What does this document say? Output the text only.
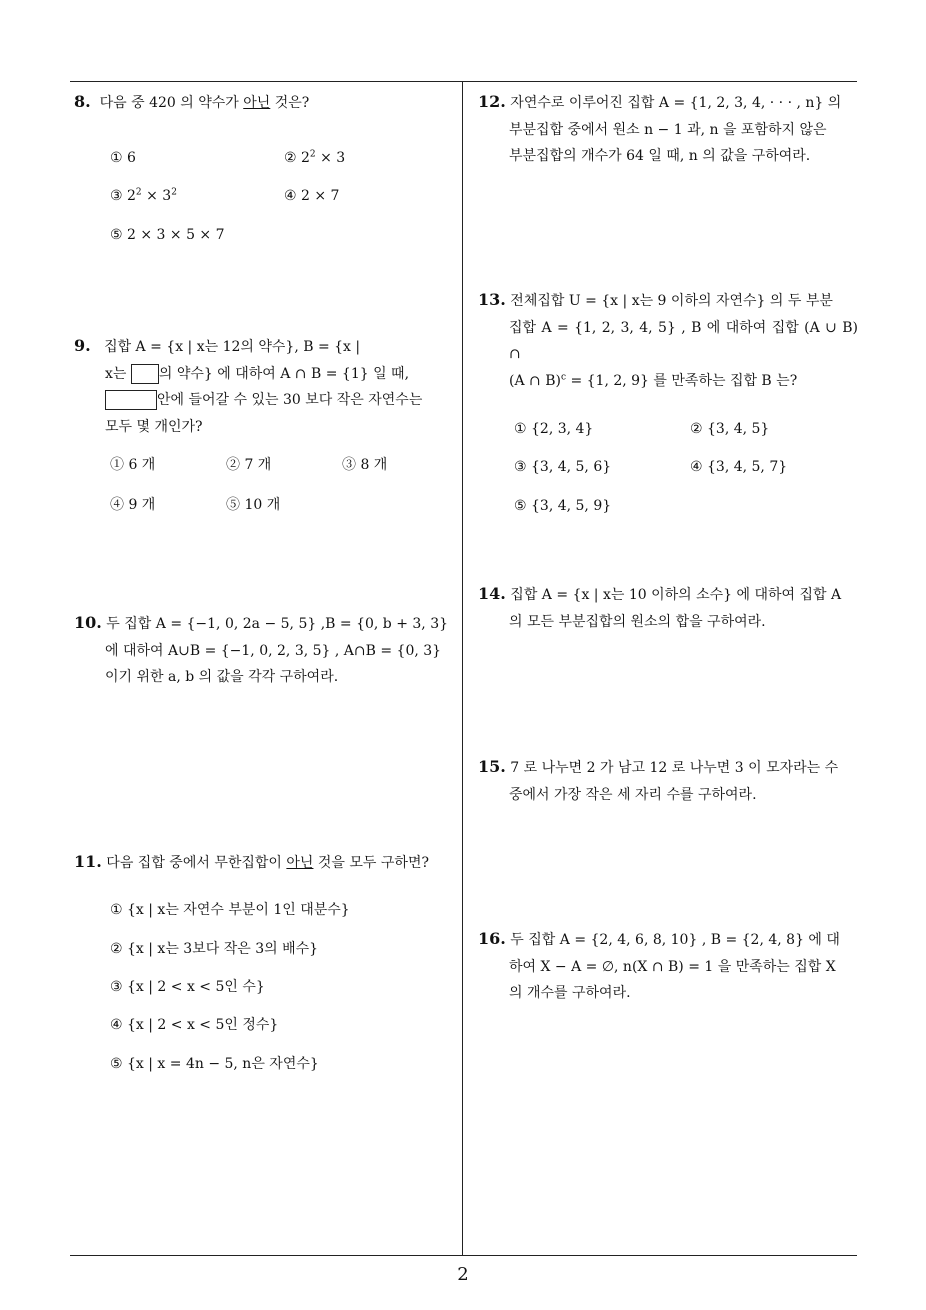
8. 다음 중 420 의 약수가 아닌 것은?
① 6	② $2^2 \times 3$
③ $2^2 \times 3^2$	④ 2 × 7
⑤ 2 × 3 × 5 × 7
9. 집합 A = {x | x는 12의 약수}, B = {x |

x는 의 약수} 에 대하여 A ∩ B = {1} 일 때,
안에 들어갈 수 있는 30 보다 작은 자연수는
모두 몇 개인가?
① 6 개	② 7 개	③ 8 개
④ 9 개	⑤ 10 개
10. 두 집합 A = {−1, 0, 2a − 5, 5} ,B = {0, b + 3, 3}

에 대하여 A∪B = {−1, 0, 2, 3, 5} , A∩B = {0, 3}
이기 위한 a, b 의 값을 각각 구하여라.
11. 다음 집합 중에서 무한집합이 아닌 것을 모두 구하면?
① {x | x는 자연수 부분이 1인 대분수}
② {x | x는 3보다 작은 3의 배수}
③ {x | 2 < x < 5인 수}
④ {x | 2 < x < 5인 정수}
⑤ {x | x = 4n − 5, n은 자연수}
12. 자연수로 이루어진 집합 A = {1, 2, 3, 4, · · · , n} 의

부분집합 중에서 원소 n − 1 과, n 을 포함하지 않은
부분집합의 개수가 64 일 때, n 의 값을 구하여라.
13. 전체집합 U = {x | x는 9 이하의 자연수} 의 두 부분

집합 A = {1, 2, 3, 4, 5} , B 에 대하여 집합 (A ∪ B) ∩
(A ∩ B)$^c$ = {1, 2, 9} 를 만족하는 집합 B 는?
① {2, 3, 4}	② {3, 4, 5}
③ {3, 4, 5, 6}	④ {3, 4, 5, 7}
⑤ {3, 4, 5, 9}
14. 집합 A = {x | x는 10 이하의 소수} 에 대하여 집합 A

의 모든 부분집합의 원소의 합을 구하여라.
15. 7 로 나누면 2 가 남고 12 로 나누면 3 이 모자라는 수

중에서 가장 작은 세 자리 수를 구하여라.
16. 두 집합 A = {2, 4, 6, 8, 10} , B = {2, 4, 8} 에 대

하여 X − A = ∅, n(X ∩ B) = 1 을 만족하는 집합 X
의 개수를 구하여라.
2
